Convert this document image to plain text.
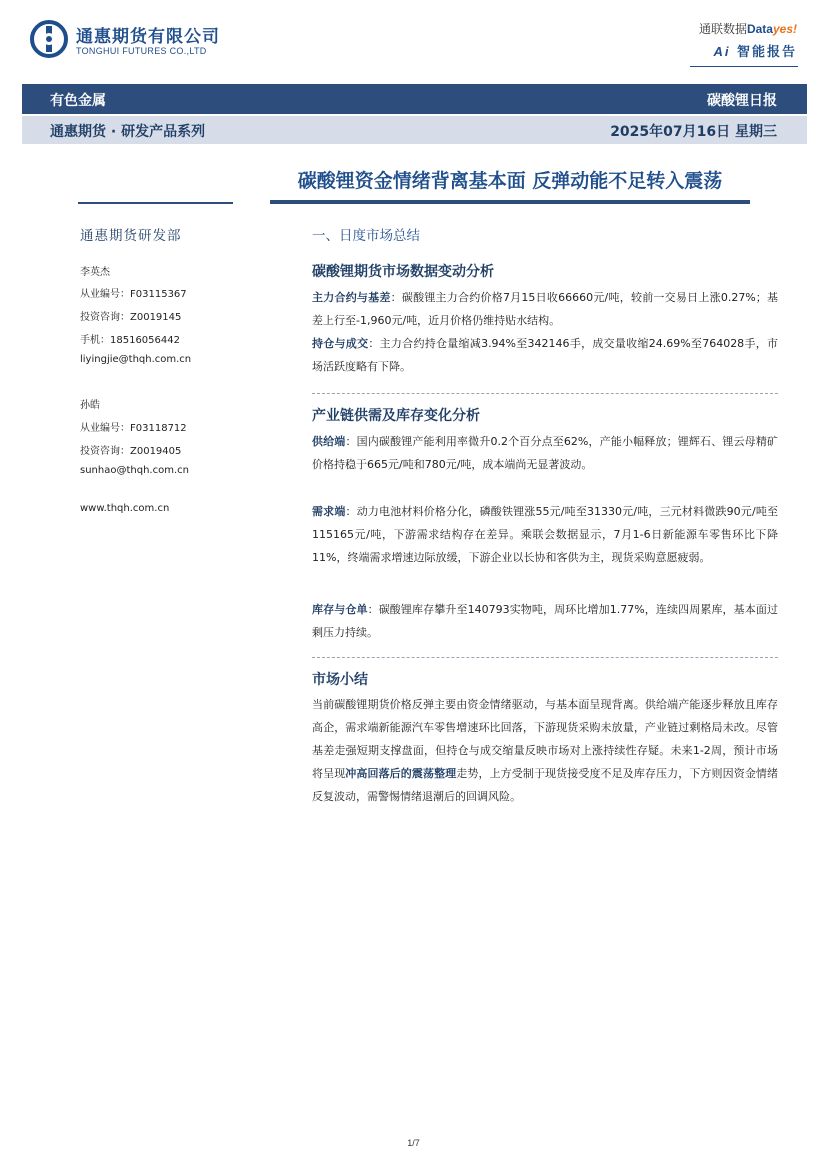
通惠期货有限公司
TONGHUI FUTURES CO.,LTD
通联数据Datayes!
Ai 智能报告
有色金属	碳酸锂日报
通惠期货 · 研发产品系列	2025年07月16日 星期三
碳酸锂资金情绪背离基本面 反弹动能不足转入震荡
通惠期货研发部
李英杰
从业编号：F03115367
投资咨询：Z0019145
手机：18516056442
liyingjie@thqh.com.cn
孙皓
从业编号：F03118712
投资咨询：Z0019405
sunhao@thqh.com.cn
www.thqh.com.cn
一、日度市场总结
碳酸锂期货市场数据变动分析
主力合约与基差：碳酸锂主力合约价格7月15日收66660元/吨，较前一交易日上涨0.27%；基差上行至-1,960元/吨，近月价格仍维持贴水结构。
持仓与成交：主力合约持仓量缩减3.94%至342146手，成交量收缩24.69%至764028手，市场活跃度略有下降。
产业链供需及库存变化分析
供给端：国内碳酸锂产能利用率微升0.2个百分点至62%，产能小幅释放；锂辉石、锂云母精矿价格持稳于665元/吨和780元/吨，成本端尚无显著波动。
需求端：动力电池材料价格分化，磷酸铁锂涨55元/吨至31330元/吨，三元材料微跌90元/吨至115165元/吨，下游需求结构存在差异。乘联会数据显示，7月1-6日新能源车零售环比下降11%，终端需求增速边际放缓，下游企业以长协和客供为主，现货采购意愿疲弱。
库存与仓单：碳酸锂库存攀升至140793实物吨，周环比增加1.77%，连续四周累库，基本面过剩压力持续。
市场小结
当前碳酸锂期货价格反弹主要由资金情绪驱动，与基本面呈现背离。供给端产能逐步释放且库存高企，需求端新能源汽车零售增速环比回落，下游现货采购未放量，产业链过剩格局未改。尽管基差走强短期支撑盘面，但持仓与成交缩量反映市场对上涨持续性存疑。未来1-2周，预计市场将呈现冲高回落后的震荡整理走势，上方受制于现货接受度不足及库存压力，下方则因资金情绪反复波动，需警惕情绪退潮后的回调风险。
1/7
